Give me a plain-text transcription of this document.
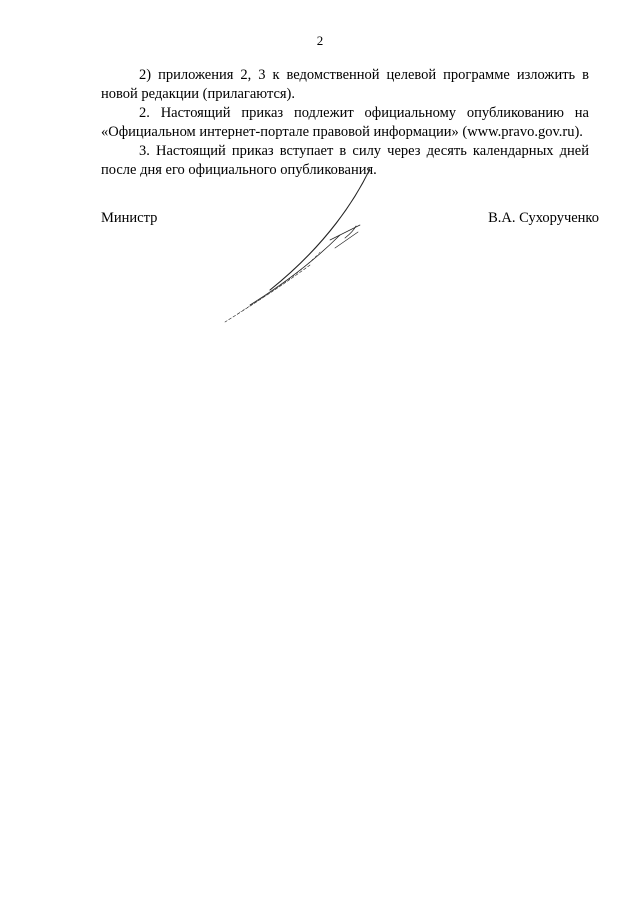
2

2) приложения 2, 3 к ведомственной целевой программе изложить в новой редакции (прилагаются).

2. Настоящий приказ подлежит официальному опубликованию на «Официальном интернет-портале правовой информации» (www.pravo.gov.ru).

3. Настоящий приказ вступает в силу через десять календарных дней после дня его официального опубликования.

Министр	В.А. Сухорученко
